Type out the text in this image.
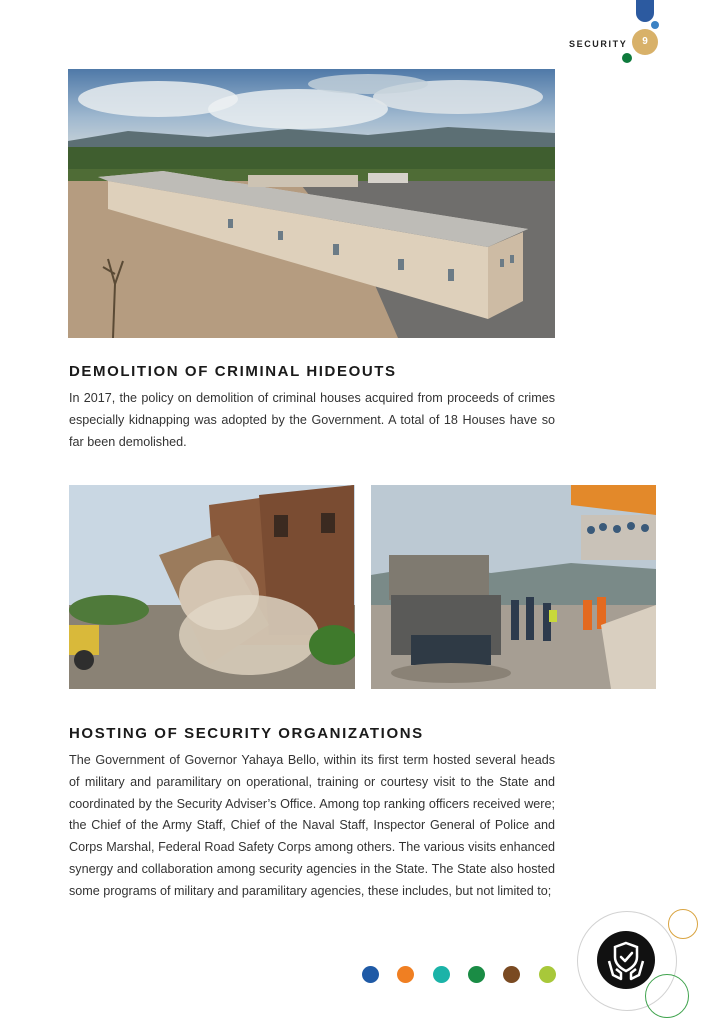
SECURITY	9
DEMOLITION OF CRIMINAL HIDEOUTS

In 2017, the policy on demolition of criminal houses acquired from proceeds of crimes especially kidnapping was adopted by the Government. A total of 18 Houses have so far been demolished.

HOSTING OF SECURITY ORGANIZATIONS

The Government of Governor Yahaya Bello, within its first term hosted several heads of military and paramilitary on operational, training or courtesy visit to the State and coordinated by the Security Adviser’s Office. Among top ranking officers received were; the Chief of the Army Staff, Chief of the Naval Staff, Inspector General of Police and Corps Marshal, Federal Road Safety Corps among others. The various visits enhanced synergy and collaboration among security agencies in the State. The State also hosted some programs of military and paramilitary agencies, these includes, but not limited to;
